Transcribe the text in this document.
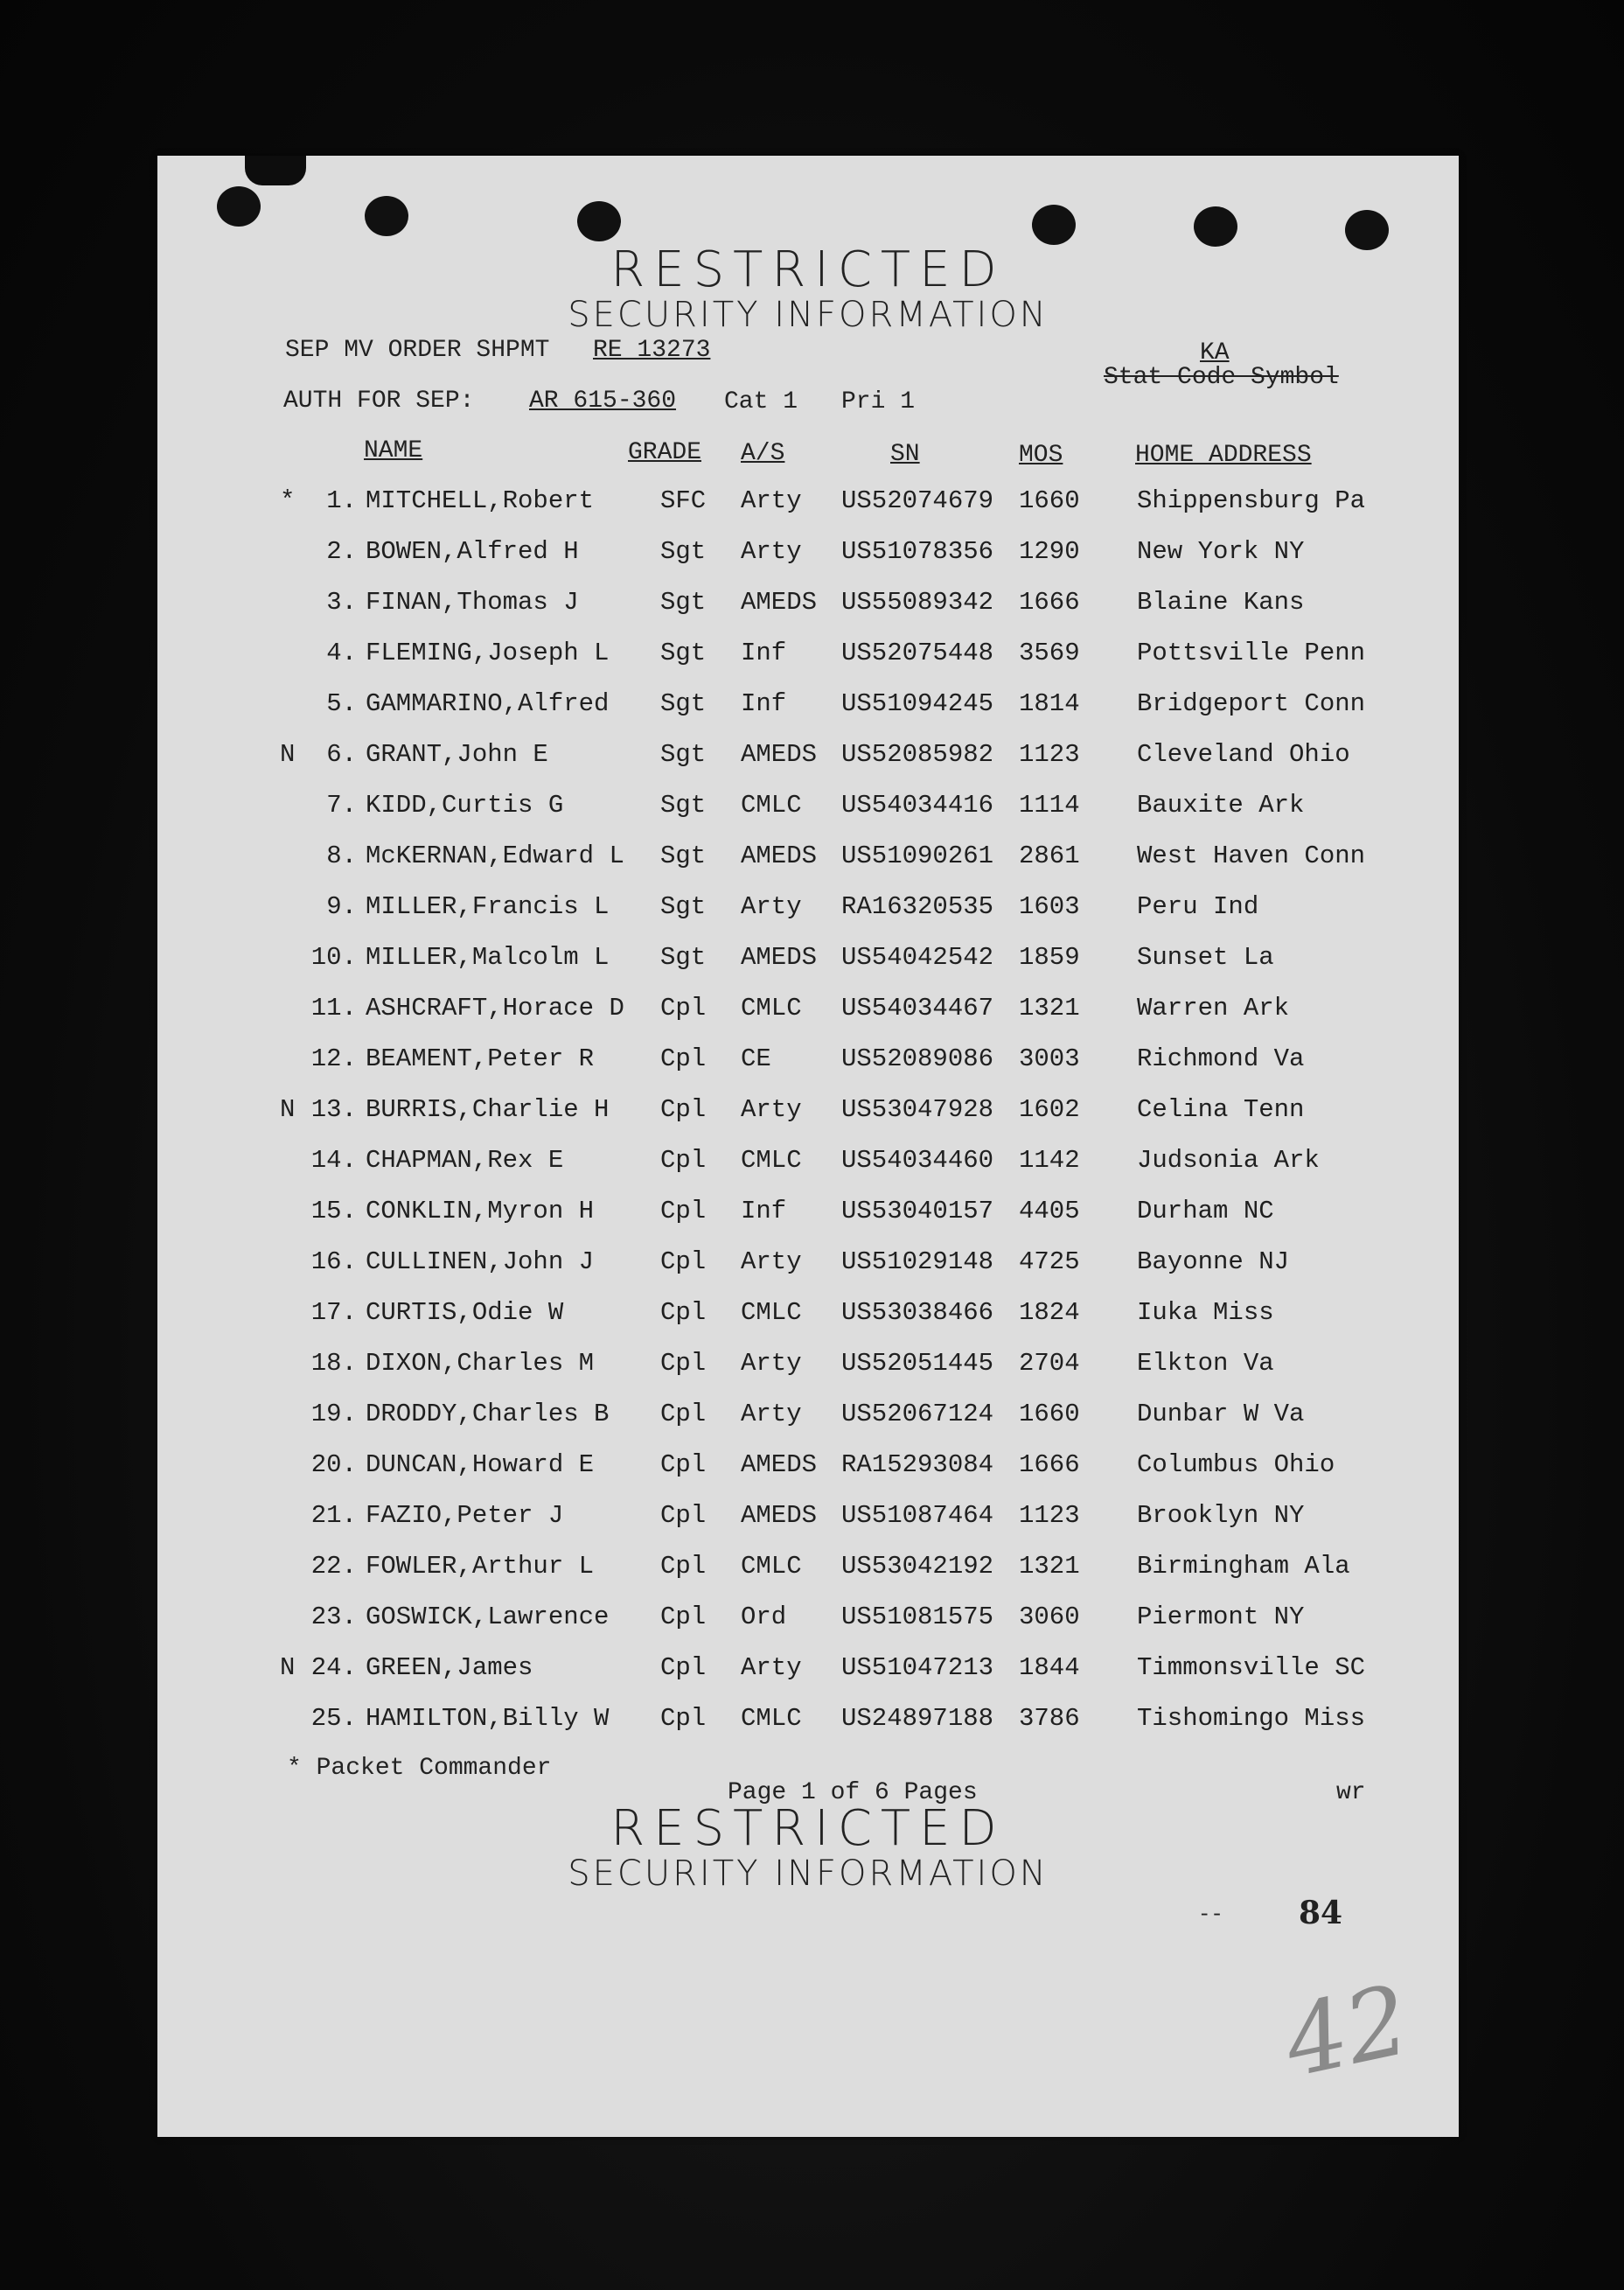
RESTRICTED
SECURITY INFORMATION
SEP MV ORDER SHPMT RE 13273	KA
Stat Code Symbol
AUTH FOR SEP: AR 615-360 Cat 1 Pri 1
NAME	GRADE A/S	SN	MOS	HOME ADDRESS
*	1. MITCHELL,Robert	SFC Arty US52074679 1660 Shippensburg Pa
2. BOWEN,Alfred H	Sgt Arty US51078356 1290 New York NY
3. FINAN,Thomas J	Sgt AMEDS US55089342 1666 Blaine Kans
4. FLEMING,Joseph L Sgt Inf US52075448 3569 Pottsville Penn
5. GAMMARINO,Alfred Sgt Inf US51094245 1814 Bridgeport Conn
N	6. GRANT,John E	Sgt AMEDS US52085982 1123 Cleveland Ohio
7. KIDD,Curtis G	Sgt CMLC US54034416 1114 Bauxite Ark
8. McKERNAN,Edward L Sgt AMEDS US51090261 2861 West Haven Conn
9. MILLER,Francis L Sgt Arty RA16320535 1603 Peru Ind
10. MILLER,Malcolm L Sgt AMEDS US54042542 1859 Sunset La
11. ASHCRAFT,Horace D Cpl CMLC US54034467 1321 Warren Ark
12. BEAMENT,Peter R	Cpl CE	US52089086 3003 Richmond Va
N 13. BURRIS,Charlie H Cpl Arty US53047928 1602 Celina Tenn
14. CHAPMAN,Rex E	Cpl CMLC US54034460 1142 Judsonia Ark
15. CONKLIN,Myron H	Cpl Inf US53040157 4405 Durham NC
16. CULLINEN,John J	Cpl Arty US51029148 4725 Bayonne NJ
17. CURTIS,Odie W	Cpl CMLC US53038466 1824 Iuka Miss
18. DIXON,Charles M	Cpl Arty US52051445 2704 Elkton Va
19. DRODDY,Charles B Cpl Arty US52067124 1660 Dunbar W Va
20. DUNCAN,Howard E	Cpl AMEDS RA15293084 1666 Columbus Ohio
21. FAZIO,Peter J	Cpl AMEDS US51087464 1123 Brooklyn NY
22. FOWLER,Arthur L	Cpl CMLC US53042192 1321 Birmingham Ala
23. GOSWICK,Lawrence Cpl Ord US51081575 3060 Piermont NY
N 24. GREEN,James	Cpl Arty US51047213 1844 Timmonsville SC
25. HAMILTON,Billy W Cpl CMLC US24897188 3786 Tishomingo Miss
* Packet Commander
Page 1 of 6 Pages	wr
RESTRICTED
SECURITY INFORMATION
-- 84
42
